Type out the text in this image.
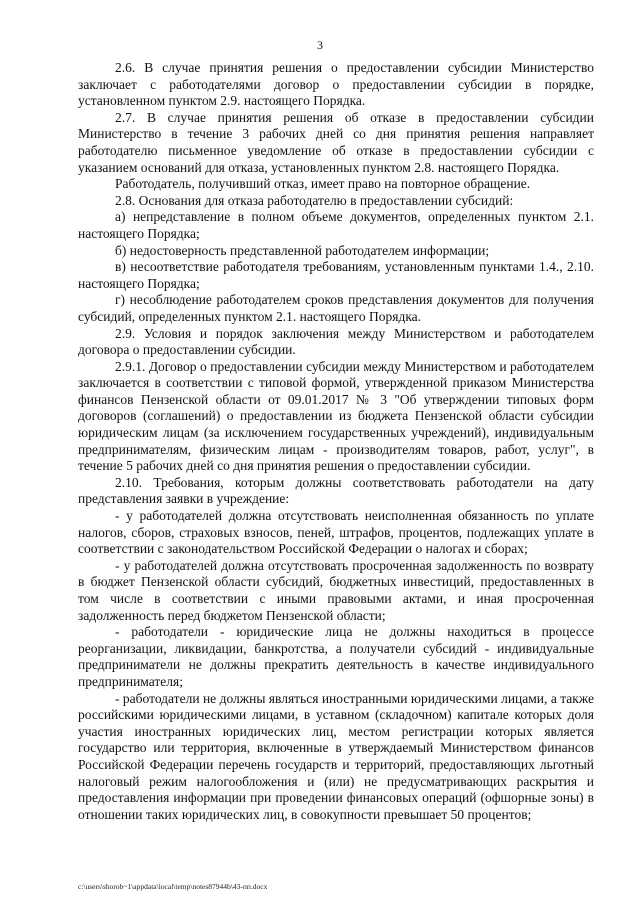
3

2.6. В случае принятия решения о предоставлении субсидии Министерство заключает с работодателями договор о предоставлении субсидии в порядке, установленном пунктом 2.9. настоящего Порядка.

2.7. В случае принятия решения об отказе в предоставлении субсидии Министерство в течение 3 рабочих дней со дня принятия решения направляет работодателю письменное уведомление об отказе в предоставлении субсидии с указанием оснований для отказа, установленных пунктом 2.8. настоящего Порядка.

Работодатель, получивший отказ, имеет право на повторное обращение.

2.8. Основания для отказа работодателю в предоставлении субсидий:

а) непредставление в полном объеме документов, определенных пунктом 2.1. настоящего Порядка;

б) недостоверность представленной работодателем информации;

в) несоответствие работодателя требованиям, установленным пунктами 1.4., 2.10. настоящего Порядка;

г) несоблюдение работодателем сроков представления документов для получения субсидий, определенных пунктом 2.1. настоящего Порядка.

2.9. Условия и порядок заключения между Министерством и работодателем договора о предоставлении субсидии.

2.9.1. Договор о предоставлении субсидии между Министерством и работодателем заключается в соответствии с типовой формой, утвержденной приказом Министерства финансов Пензенской области от 09.01.2017 № 3 "Об утверждении типовых форм договоров (соглашений) о предоставлении из бюджета Пензенской области субсидии юридическим лицам (за исключением государственных учреждений), индивидуальным предпринимателям, физическим лицам - производителям товаров, работ, услуг", в течение 5 рабочих дней со дня принятия решения о предоставлении субсидии.

2.10. Требования, которым должны соответствовать работодатели на дату представления заявки в учреждение:

- у работодателей должна отсутствовать неисполненная обязанность по уплате налогов, сборов, страховых взносов, пеней, штрафов, процентов, подлежащих уплате в соответствии с законодательством Российской Федерации о налогах и сборах;

- у работодателей должна отсутствовать просроченная задолженность по возврату в бюджет Пензенской области субсидий, бюджетных инвестиций, предоставленных в том числе в соответствии с иными правовыми актами, и иная просроченная задолженность перед бюджетом Пензенской области;

- работодатели - юридические лица не должны находиться в процессе реорганизации, ликвидации, банкротства, а получатели субсидий - индивидуальные предприниматели не должны прекратить деятельность в качестве индивидуального предпринимателя;

- работодатели не должны являться иностранными юридическими лицами, а также российскими юридическими лицами, в уставном (складочном) капитале которых доля участия иностранных юридических лиц, местом регистрации которых является государство или территория, включенные в утверждаемый Министерством финансов Российской Федерации перечень государств и территорий, предоставляющих льготный налоговый режим налогообложения и (или) не предусматривающих раскрытия и предоставления информации при проведении финансовых операций (офшорные зоны) в отношении таких юридических лиц, в совокупности превышает 50 процентов;

c:\users\shorob~1\appdata\local\temp\notes87944b\43-пп.docx
